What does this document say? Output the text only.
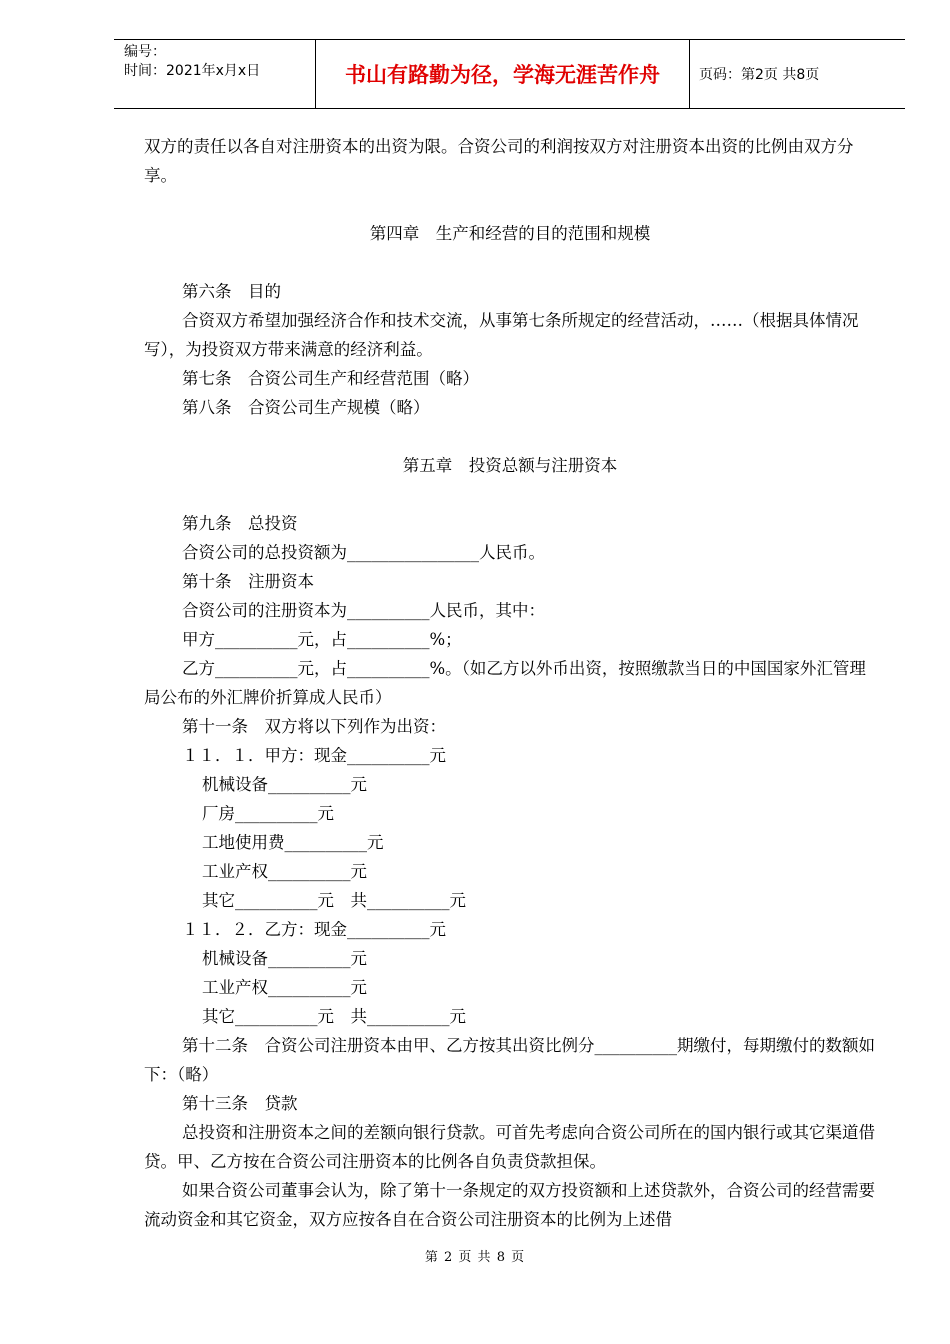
编号：
时间：2021年x月x日	书山有路勤为径，学海无涯苦作舟	页码：第2页 共8页

双方的责任以各自对注册资本的出资为限。合资公司的利润按双方对注册资本出资的比例由双方分享。

第四章　生产和经营的目的范围和规模

第六条　目的

合资双方希望加强经济合作和技术交流，从事第七条所规定的经营活动，……（根据具体情况写），为投资双方带来满意的经济利益。

第七条　合资公司生产和经营范围（略）

第八条　合资公司生产规模（略）

第五章　投资总额与注册资本

第九条　总投资

合资公司的总投资额为________________人民币。

第十条　注册资本

合资公司的注册资本为__________人民币，其中：

甲方__________元，占__________%；

乙方__________元，占__________%。（如乙方以外币出资，按照缴款当日的中国国家外汇管理局公布的外汇牌价折算成人民币）

第十一条　双方将以下列作为出资：

１１．１．甲方：现金__________元

机械设备__________元

厂房__________元

工地使用费__________元

工业产权__________元

其它__________元　共__________元

１１．２．乙方：现金__________元

机械设备__________元

工业产权__________元

其它__________元　共__________元

第十二条　合资公司注册资本由甲、乙方按其出资比例分__________期缴付，每期缴付的数额如下：（略）

第十三条　贷款

总投资和注册资本之间的差额向银行贷款。可首先考虑向合资公司所在的国内银行或其它渠道借贷。甲、乙方按在合资公司注册资本的比例各自负责贷款担保。

如果合资公司董事会认为，除了第十一条规定的双方投资额和上述贷款外，合资公司的经营需要流动资金和其它资金，双方应按各自在合资公司注册资本的比例为上述借

第 2 页 共 8 页
